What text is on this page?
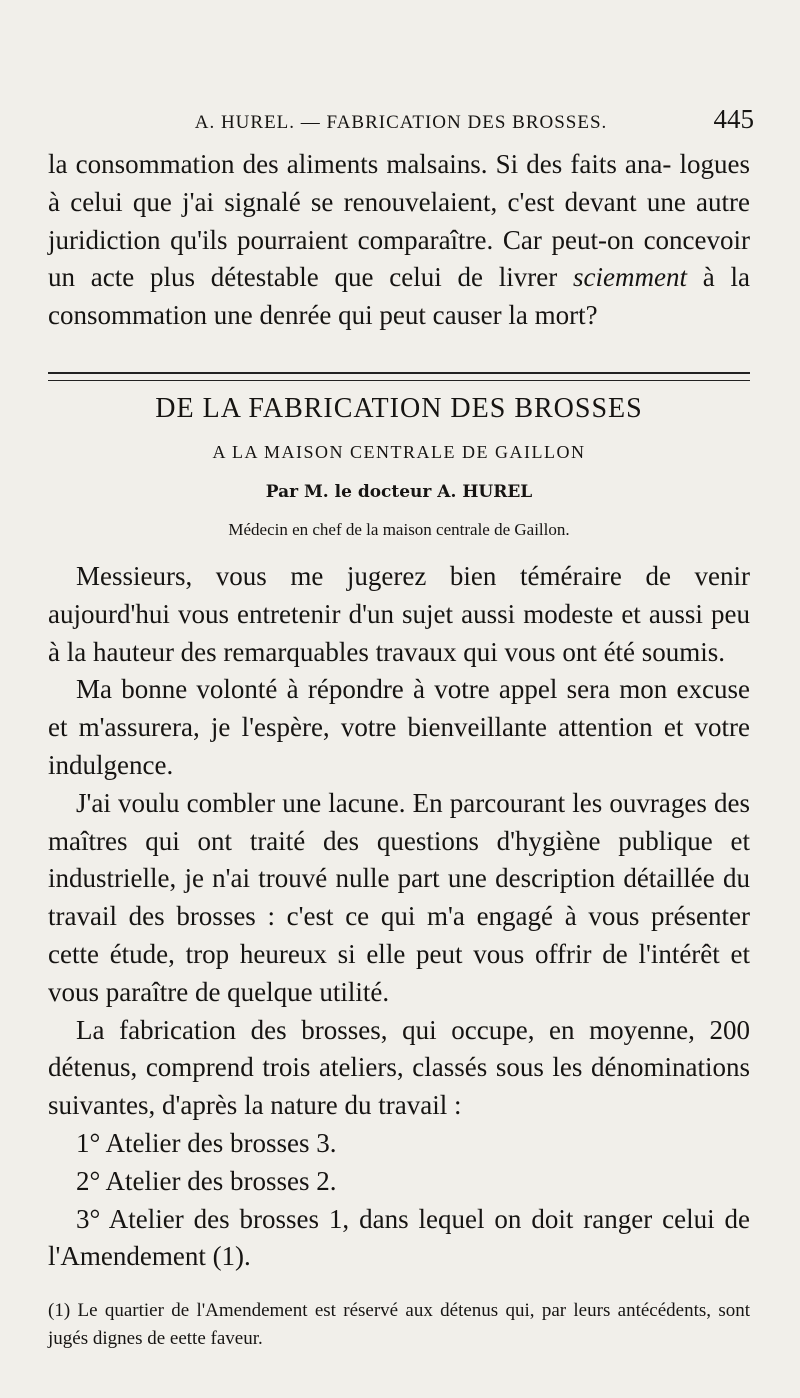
A. HUREL. — FABRICATION DES BROSSES.	445

la consommation des aliments malsains. Si des faits ana- logues à celui que j'ai signalé se renouvelaient, c'est devant une autre juridiction qu'ils pourraient comparaître. Car peut-on concevoir un acte plus détestable que celui de livrer sciemment à la consommation une denrée qui peut causer la mort?

DE LA FABRICATION DES BROSSES
A LA MAISON CENTRALE DE GAILLON
Par M. le docteur A. HUREL
Médecin en chef de la maison centrale de Gaillon.

Messieurs, vous me jugerez bien téméraire de venir aujourd'hui vous entretenir d'un sujet aussi modeste et aussi peu à la hauteur des remarquables travaux qui vous ont été soumis.

Ma bonne volonté à répondre à votre appel sera mon excuse et m'assurera, je l'espère, votre bienveillante attention et votre indulgence.

J'ai voulu combler une lacune. En parcourant les ouvrages des maîtres qui ont traité des questions d'hygiène publique et industrielle, je n'ai trouvé nulle part une description détaillée du travail des brosses : c'est ce qui m'a engagé à vous présenter cette étude, trop heureux si elle peut vous offrir de l'intérêt et vous paraître de quelque utilité.

La fabrication des brosses, qui occupe, en moyenne, 200 détenus, comprend trois ateliers, classés sous les dénominations suivantes, d'après la nature du travail :

1° Atelier des brosses 3.

2° Atelier des brosses 2.

3° Atelier des brosses 1, dans lequel on doit ranger celui de l'Amendement (1).

(1) Le quartier de l'Amendement est réservé aux détenus qui, par leurs antécédents, sont jugés dignes de eette faveur.
